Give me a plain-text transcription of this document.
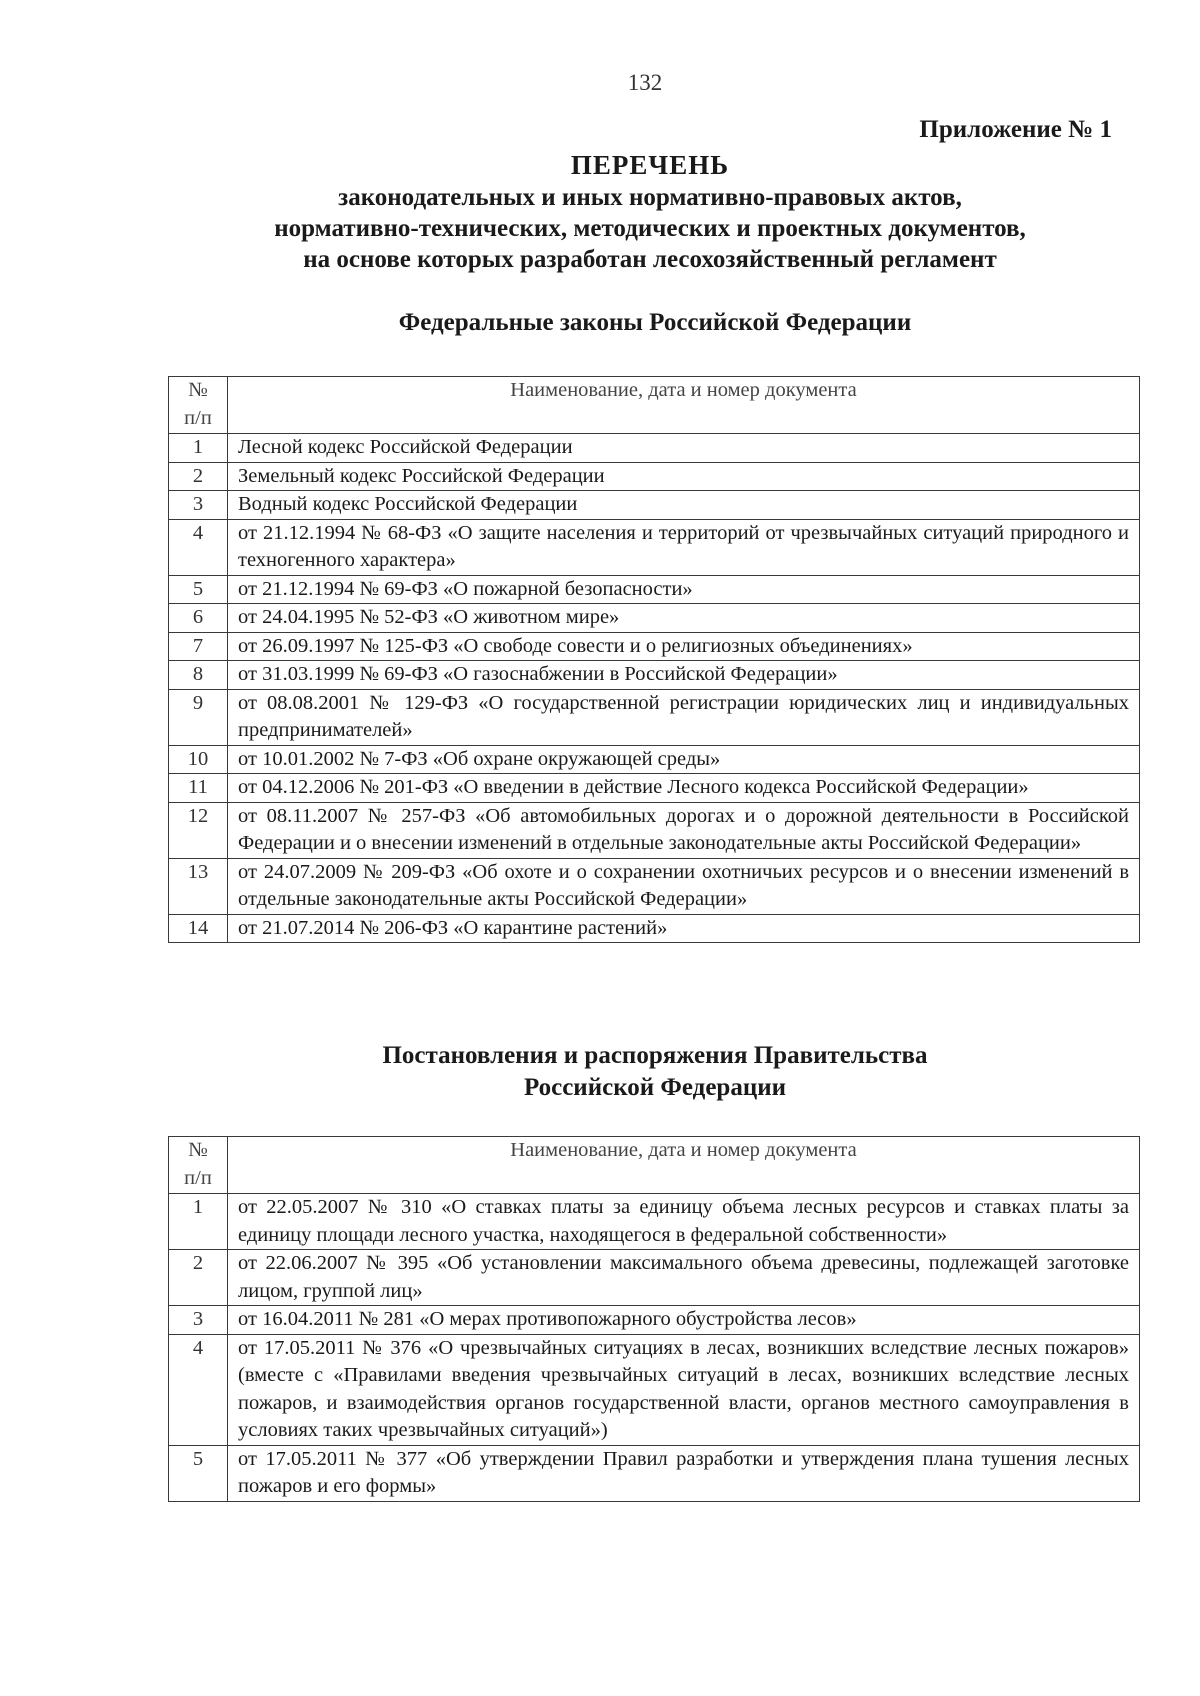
132
Приложение № 1
ПЕРЕЧЕНЬ
законодательных и иных нормативно-правовых актов,
нормативно-технических, методических и проектных документов,
на основе которых разработан лесохозяйственный регламент
Федеральные законы Российской Федерации
№
п/п	Наименование, дата и номер документа
1	Лесной кодекс Российской Федерации
2	Земельный кодекс Российской Федерации
3	Водный кодекс Российской Федерации
4	от 21.12.1994 № 68-ФЗ «О защите населения и территорий от чрезвычайных ситуаций природного и техногенного характера»
5	от 21.12.1994 № 69-ФЗ «О пожарной безопасности»
6	от 24.04.1995 № 52-ФЗ «О животном мире»
7	от 26.09.1997 № 125-ФЗ «О свободе совести и о религиозных объединениях»
8	от 31.03.1999 № 69-ФЗ «О газоснабжении в Российской Федерации»
9	от 08.08.2001 № 129-ФЗ «О государственной регистрации юридических лиц и индивидуальных предпринимателей»
10	от 10.01.2002 № 7-ФЗ «Об охране окружающей среды»
11	от 04.12.2006 № 201-ФЗ «О введении в действие Лесного кодекса Российской Федерации»
12	от 08.11.2007 № 257-ФЗ «Об автомобильных дорогах и о дорожной деятельности в Российской Федерации и о внесении изменений в отдельные законодательные акты Российской Федерации»
13	от 24.07.2009 № 209-ФЗ «Об охоте и о сохранении охотничьих ресурсов и о внесении изменений в отдельные законодательные акты Российской Федерации»
14	от 21.07.2014 № 206-ФЗ «О карантине растений»
Постановления и распоряжения Правительства
Российской Федерации
№
п/п	Наименование, дата и номер документа
1	от 22.05.2007 № 310 «О ставках платы за единицу объема лесных ресурсов и ставках платы за единицу площади лесного участка, находящегося в федеральной собственности»
2	от 22.06.2007 № 395 «Об установлении максимального объема древесины, подлежащей заготовке лицом, группой лиц»
3	от 16.04.2011 № 281 «О мерах противопожарного обустройства лесов»
4	от 17.05.2011 № 376 «О чрезвычайных ситуациях в лесах, возникших вследствие лесных пожаров» (вместе с «Правилами введения чрезвычайных ситуаций в лесах, возникших вследствие лесных пожаров, и взаимодействия органов государственной власти, органов местного самоуправления в условиях таких чрезвычайных ситуаций»)
5	от 17.05.2011 № 377 «Об утверждении Правил разработки и утверждения плана тушения лесных пожаров и его формы»
